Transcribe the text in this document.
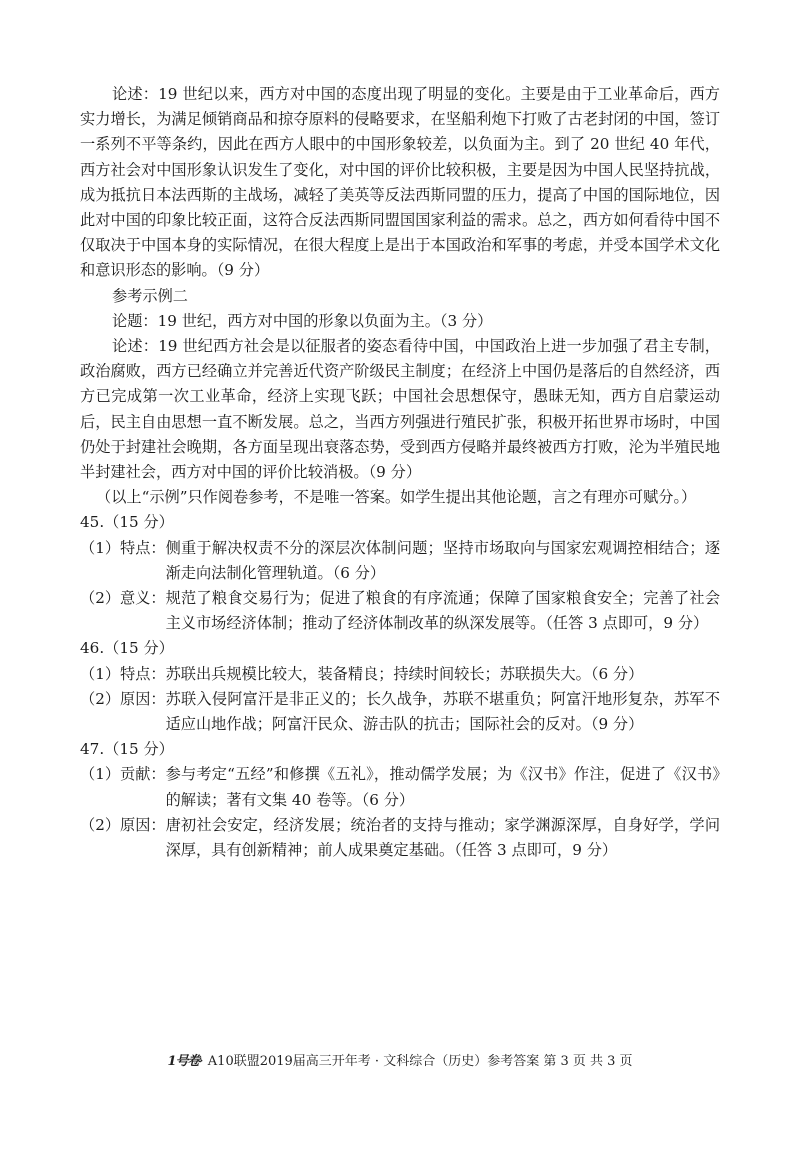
论述：19 世纪以来，西方对中国的态度出现了明显的变化。主要是由于工业革命后，西方实力增长，为满足倾销商品和掠夺原料的侵略要求，在坚船利炮下打败了古老封闭的中国，签订一系列不平等条约，因此在西方人眼中的中国形象较差，以负面为主。到了 20 世纪 40 年代，西方社会对中国形象认识发生了变化，对中国的评价比较积极，主要是因为中国人民坚持抗战，成为抵抗日本法西斯的主战场，减轻了美英等反法西斯同盟的压力，提高了中国的国际地位，因此对中国的印象比较正面，这符合反法西斯同盟国国家利益的需求。总之，西方如何看待中国不仅取决于中国本身的实际情况，在很大程度上是出于本国政治和军事的考虑，并受本国学术文化和意识形态的影响。（9 分）

参考示例二

论题：19 世纪，西方对中国的形象以负面为主。（3 分）

论述：19 世纪西方社会是以征服者的姿态看待中国，中国政治上进一步加强了君主专制，政治腐败，西方已经确立并完善近代资产阶级民主制度；在经济上中国仍是落后的自然经济，西方已完成第一次工业革命，经济上实现飞跃；中国社会思想保守，愚昧无知，西方自启蒙运动后，民主自由思想一直不断发展。总之，当西方列强进行殖民扩张，积极开拓世界市场时，中国仍处于封建社会晚期，各方面呈现出衰落态势，受到西方侵略并最终被西方打败，沦为半殖民地半封建社会，西方对中国的评价比较消极。（9 分）

（以上“示例”只作阅卷参考，不是唯一答案。如学生提出其他论题，言之有理亦可赋分。）

45.（15 分）

（1）特点： 侧重于解决权责不分的深层次体制问题；坚持市场取向与国家宏观调控相结合；逐渐走向法制化管理轨道。（6 分）
（2）意义： 规范了粮食交易行为；促进了粮食的有序流通；保障了国家粮食安全；完善了社会主义市场经济体制；推动了经济体制改革的纵深发展等。（任答 3 点即可，9 分）

46.（15 分）

（1）特点： 苏联出兵规模比较大，装备精良；持续时间较长；苏联损失大。（6 分）
（2）原因： 苏联入侵阿富汗是非正义的；长久战争，苏联不堪重负；阿富汗地形复杂，苏军不适应山地作战；阿富汗民众、游击队的抗击；国际社会的反对。（9 分）

47.（15 分）

（1）贡献： 参与考定“五经”和修撰《五礼》，推动儒学发展；为《汉书》作注，促进了《汉书》的解读；著有文集 40 卷等。（6 分）
（2）原因： 唐初社会安定，经济发展；统治者的支持与推动；家学渊源深厚，自身好学，学问深厚，具有创新精神；前人成果奠定基础。（任答 3 点即可，9 分）
1号卷· A10联盟2019届高三开年考 · 文科综合（历史）参考答案 第 3 页 共 3 页
